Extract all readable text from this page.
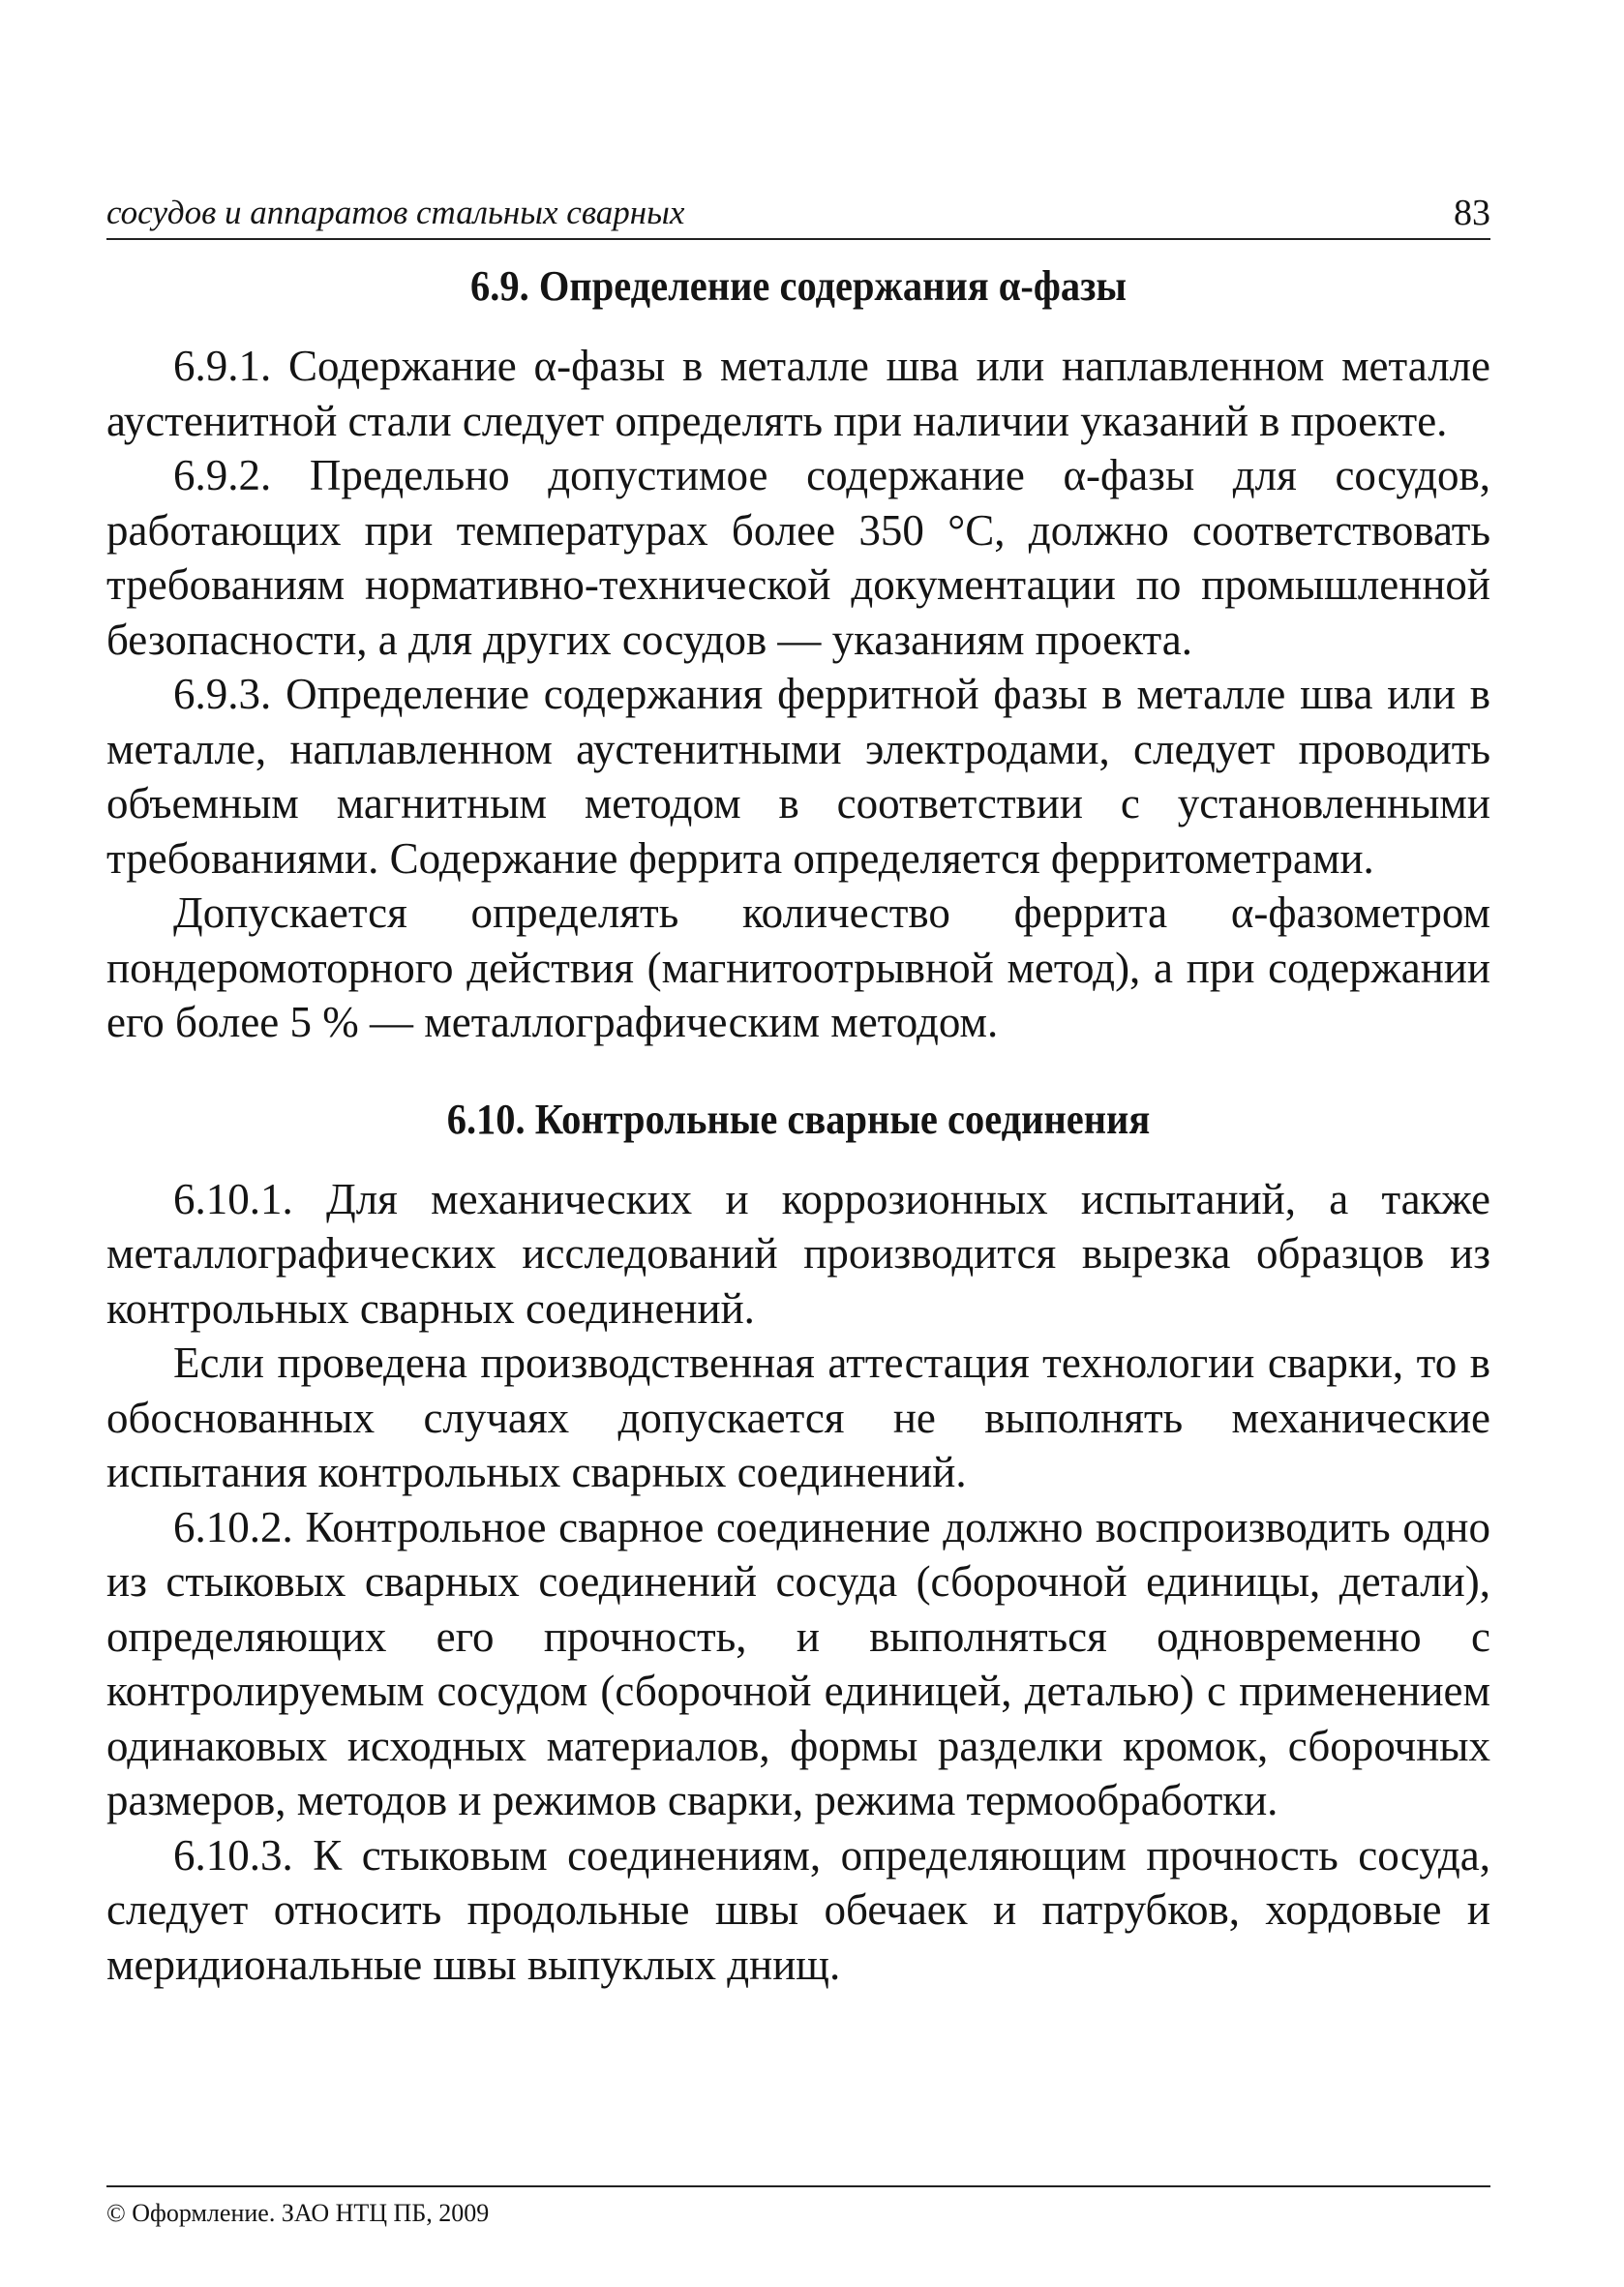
сосудов и аппаратов стальных сварных	83
6.9. Определение содержания α-фазы

6.9.1. Содержание α-фазы в металле шва или наплавленном металле аустенитной стали следует определять при наличии указаний в проекте.

6.9.2. Предельно допустимое содержание α-фазы для сосудов, работающих при температурах более 350 °С, должно соответствовать требованиям нормативно-технической документации по промышленной безопасности, а для других сосудов — указаниям проекта.

6.9.3. Определение содержания ферритной фазы в металле шва или в металле, наплавленном аустенитными электродами, следует проводить объемным магнитным методом в соответствии с установленными требованиями. Содержание феррита определяется ферритометрами.

Допускается определять количество феррита α-фазометром пондеромоторного действия (магнитоотрывной метод), а при содержании его более 5 % — металлографическим методом.

6.10. Контрольные сварные соединения

6.10.1. Для механических и коррозионных испытаний, а также металлографических исследований производится вырезка образцов из контрольных сварных соединений.

Если проведена производственная аттестация технологии сварки, то в обоснованных случаях допускается не выполнять механические испытания контрольных сварных соединений.

6.10.2. Контрольное сварное соединение должно воспроизводить одно из стыковых сварных соединений сосуда (сборочной единицы, детали), определяющих его прочность, и выполняться одновременно с контролируемым сосудом (сборочной единицей, деталью) с применением одинаковых исходных материалов, формы разделки кромок, сборочных размеров, методов и режимов сварки, режима термообработки.

6.10.3. К стыковым соединениям, определяющим прочность сосуда, следует относить продольные швы обечаек и патрубков, хордовые и меридиональные швы выпуклых днищ.

© Оформление. ЗАО НТЦ ПБ, 2009
